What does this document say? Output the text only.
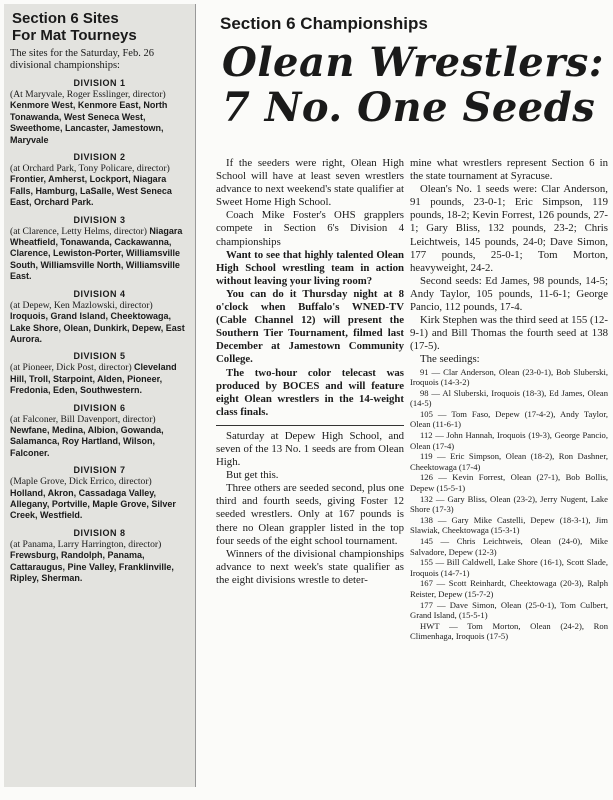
Section 6 Sites
For Mat Tourneys
The sites for the Saturday, Feb. 26 divisional championships:
DIVISION 1
(At Maryvale, Roger Esslinger, director) Kenmore West, Kenmore East, North Tonawanda, West Seneca West, Sweethome, Lancaster, Jamestown, Maryvale
DIVISION 2
(at Orchard Park, Tony Policare, director) Frontier, Amherst, Lockport, Niagara Falls, Hamburg, LaSalle, West Seneca East, Orchard Park.
DIVISION 3
(at Clarence, Letty Helms, director) Niagara Wheatfield, Tonawanda, Cackawanna, Clarence, Lewiston-Porter, Williamsville South, Williamsville North, Williamsville East.
DIVISION 4
(at Depew, Ken Mazlowski, director) Iroquois, Grand Island, Cheektowaga, Lake Shore, Olean, Dunkirk, Depew, East Aurora.
DIVISION 5
(at Pioneer, Dick Post, director) Cleveland Hill, Troll, Starpoint, Alden, Pioneer, Fredonia, Eden, Southwestern.
DIVISION 6
(at Falconer, Bill Davenport, director) Newfane, Medina, Albion, Gowanda, Salamanca, Roy Hartland, Wilson, Falconer.
DIVISION 7
(Maple Grove, Dick Errico, director) Holland, Akron, Cassadaga Valley, Allegany, Portville, Maple Grove, Silver Creek, Westfield.
DIVISION 8
(at Panama, Larry Harrington, director) Frewsburg, Randolph, Panama, Cattaraugus, Pine Valley, Franklinville, Ripley, Sherman.
Section 6 Championships
Olean Wrestlers:
7 No. One Seeds

If the seeders were right, Olean High School will have at least seven wrestlers advance to next weekend's state qualifier at Sweet Home High School.

Coach Mike Foster's OHS grapplers compete in Section 6's Division 4 championships

Want to see that highly talented Olean High School wrestling team in action without leaving your living room?

You can do it Thursday night at 8 o'clock when Buffalo's WNED-TV (Cable Channel 12) will present the Southern Tier Tournament, filmed last December at Jamestown Community College.

The two-hour color telecast was produced by BOCES and will feature eight Olean wrestlers in the 14-weight class finals.

Saturday at Depew High School, and seven of the 13 No. 1 seeds are from Olean High.

But get this.

Three others are seeded second, plus one third and fourth seeds, giving Foster 12 seeded wrestlers. Only at 167 pounds is there no Olean grappler listed in the top four seeds of the eight school tournament.

Winners of the divisional championships advance to next week's state qualifier as the eight divisions wrestle to deter-

mine what wrestlers represent Section 6 in the state tournament at Syracuse.

Olean's No. 1 seeds were: Clar Anderson, 91 pounds, 23-0-1; Eric Simpson, 119 pounds, 18-2; Kevin Forrest, 126 pounds, 27-1; Gary Bliss, 132 pounds, 23-2; Chris Leichtweis, 145 pounds, 24-0; Dave Simon, 177 pounds, 25-0-1; Tom Morton, heavyweight, 24-2.

Second seeds: Ed James, 98 pounds, 14-5; Andy Taylor, 105 pounds, 11-6-1; George Pancio, 112 pounds, 17-4.

Kirk Stephen was the third seed at 155 (12-9-1) and Bill Thomas the fourth seed at 138 (17-5).

The seedings:

91 — Clar Anderson, Olean (23-0-1), Bob Sluberski, Iroquois (14-3-2)

98 — Al Sluberski, Iroquois (18-3), Ed James, Olean (14-5)

105 — Tom Faso, Depew (17-4-2), Andy Taylor, Olean (11-6-1)

112 — John Hannah, Iroquois (19-3), George Pancio, Olean (17-4)

119 — Eric Simpson, Olean (18-2), Ron Dashner, Cheektowaga (17-4)

126 — Kevin Forrest, Olean (27-1), Bob Bollis, Depew (15-5-1)

132 — Gary Bliss, Olean (23-2), Jerry Nugent, Lake Shore (17-3)

138 — Gary Mike Castelli, Depew (18-3-1), Jim Slawiak, Cheektowaga (15-3-1)

145 — Chris Leichtweis, Olean (24-0), Mike Salvadore, Depew (12-3)

155 — Bill Caldwell, Lake Shore (16-1), Scott Slade, Iroquois (14-7-1)

167 — Scott Reinhardt, Cheektowaga (20-3), Ralph Reister, Depew (15-7-2)

177 — Dave Simon, Olean (25-0-1), Tom Culbert, Grand Island, (15-5-1)

HWT — Tom Morton, Olean (24-2), Ron Climenhaga, Iroquois (17-5)
